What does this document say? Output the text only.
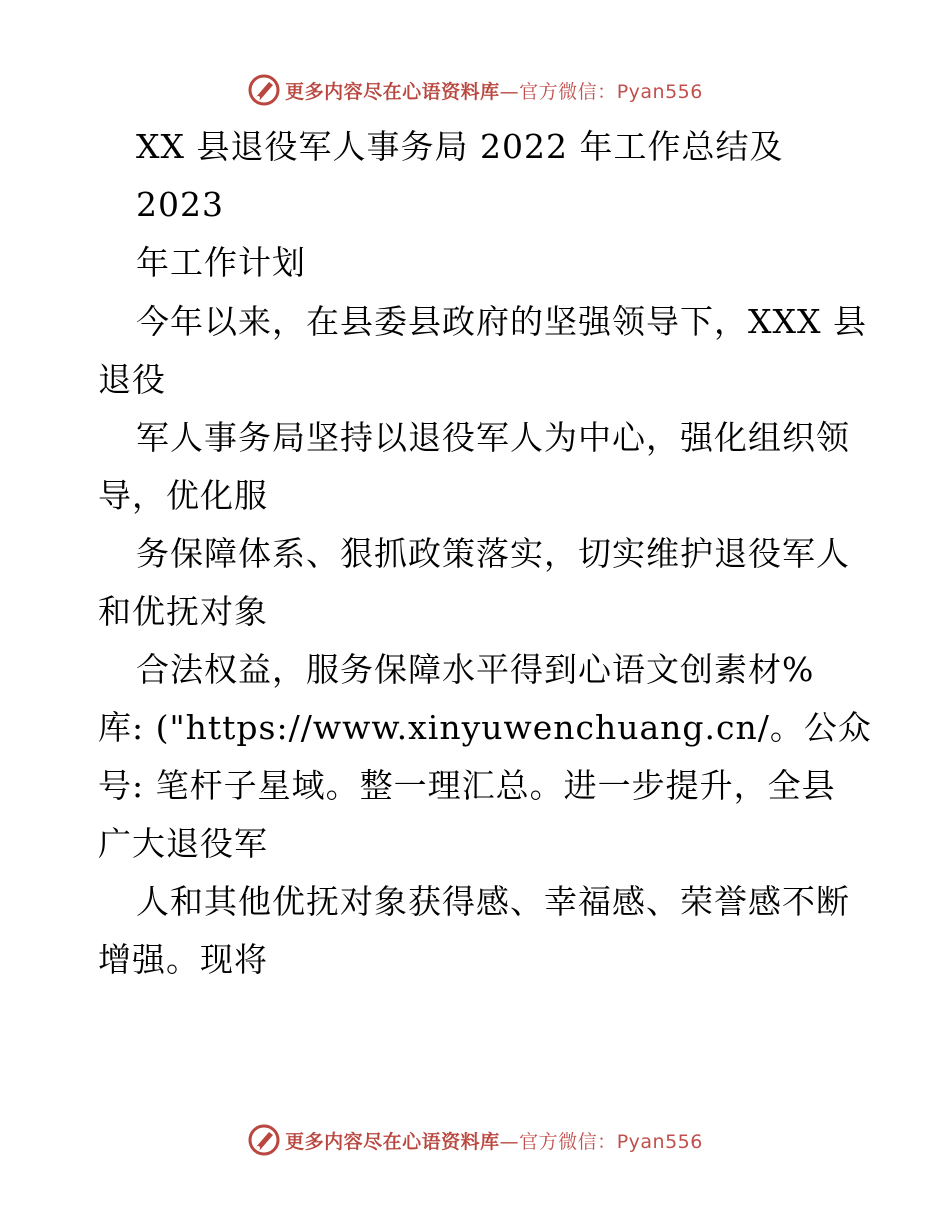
更多内容尽在心语资料库—官方微信：Pyan556
XX 县退役军人事务局 2022 年工作总结及
2023
年工作计划
今年以来，在县委县政府的坚强领导下，XXX 县
退役
军人事务局坚持以退役军人为中心，强化组织领
导，优化服
务保障体系、狠抓政策落实，切实维护退役军人
和优抚对象
合法权益，服务保障水平得到心语文创素材%
库: ("https://www.xinyuwenchuang.cn/。公众
号: 笔杆子星域。整一理汇总。进一步提升，全县
广大退役军
人和其他优抚对象获得感、幸福感、荣誉感不断
增强。现将
更多内容尽在心语资料库—官方微信：Pyan556
